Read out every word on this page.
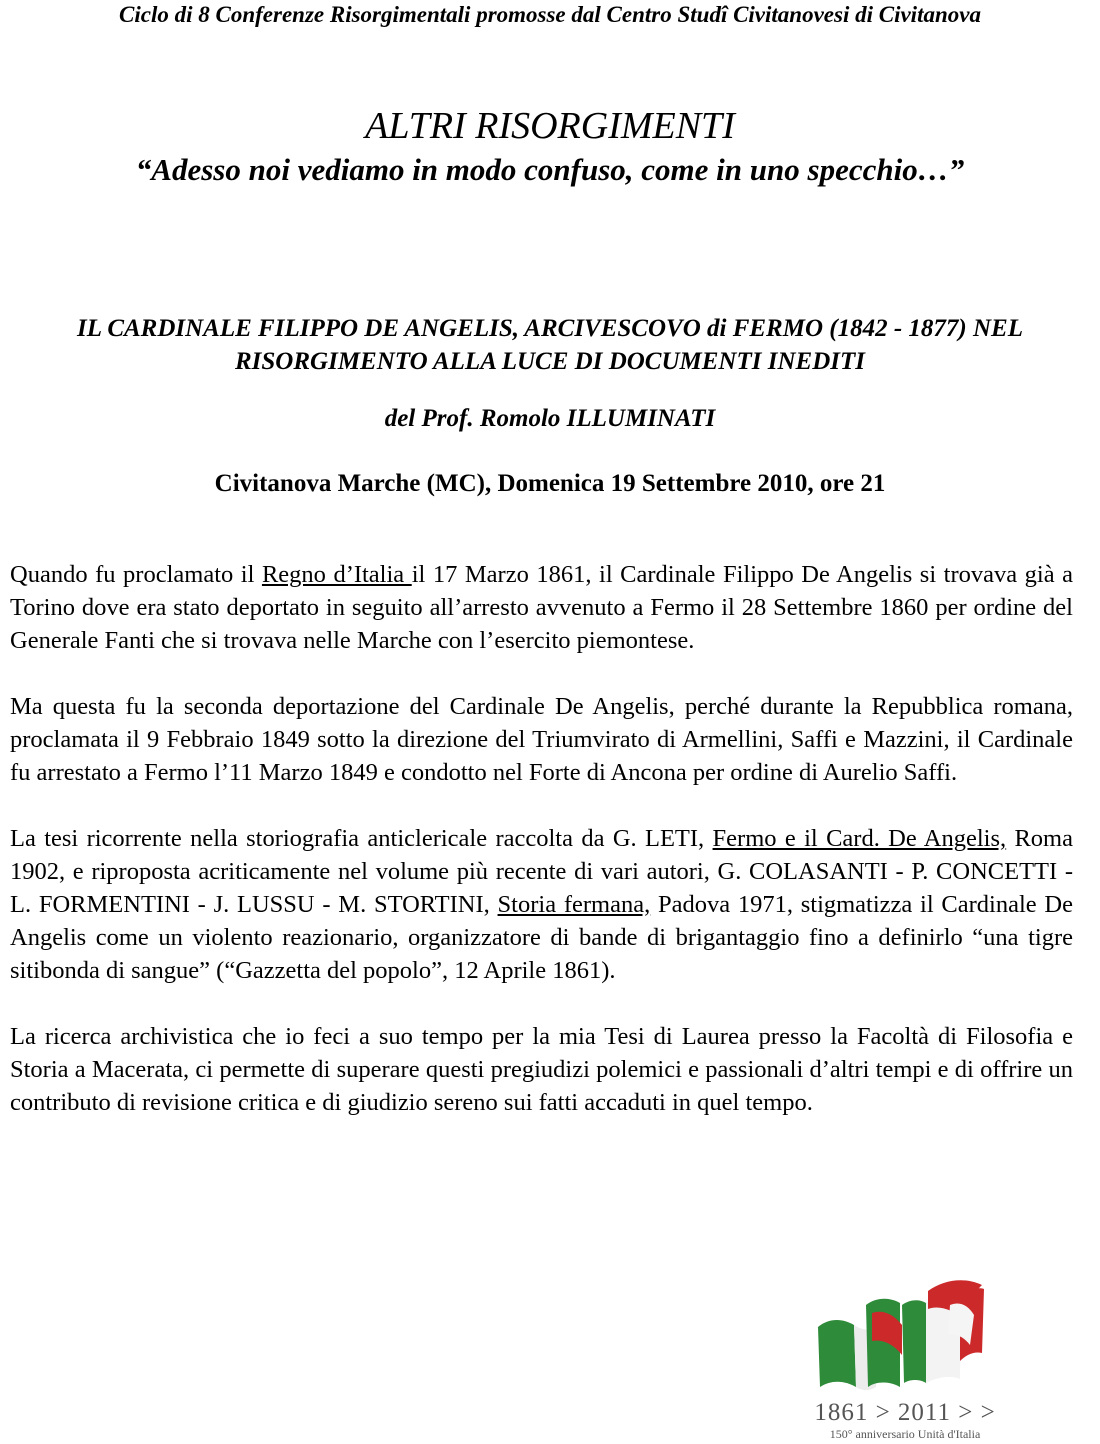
Ciclo di 8 Conferenze Risorgimentali promosse dal Centro Studî Civitanovesi di Civitanova
ALTRI RISORGIMENTI
“Adesso noi vediamo in modo confuso, come in uno specchio…”
IL CARDINALE FILIPPO DE ANGELIS, ARCIVESCOVO di FERMO (1842 - 1877) NEL
RISORGIMENTO ALLA LUCE DI DOCUMENTI INEDITI
del Prof. Romolo ILLUMINATI
Civitanova Marche (MC), Domenica 19 Settembre 2010, ore 21

Quando fu proclamato il Regno d’Italia il 17 Marzo 1861, il Cardinale Filippo De Angelis si trovava già a Torino dove era stato deportato in seguito all’arresto avvenuto a Fermo il 28 Settembre 1860 per ordine del Generale Fanti che si trovava nelle Marche con l’esercito piemontese.

Ma questa fu la seconda deportazione del Cardinale De Angelis, perché durante la Repubblica romana, proclamata il 9 Febbraio 1849 sotto la direzione del Triumvirato di Armellini, Saffi e Mazzini, il Cardinale fu arrestato a Fermo l’11 Marzo 1849 e condotto nel Forte di Ancona per ordine di Aurelio Saffi.

La tesi ricorrente nella storiografia anticlericale raccolta da G. LETI, Fermo e il Card. De Angelis, Roma 1902, e riproposta acriticamente nel volume più recente di vari autori, G. COLASANTI - P. CONCETTI - L. FORMENTINI - J. LUSSU - M. STORTINI, Storia fermana, Padova 1971, stigmatizza il Cardinale De Angelis come un violento reazionario, organizzatore di bande di brigantaggio fino a definirlo “una tigre sitibonda di sangue” (“Gazzetta del popolo”, 12 Aprile 1861).

La ricerca archivistica che io feci a suo tempo per la mia Tesi di Laurea presso la Facoltà di Filosofia e Storia a Macerata, ci permette di superare questi pregiudizi polemici e passionali d’altri tempi e di offrire un contributo di revisione critica e di giudizio sereno sui fatti accaduti in quel tempo.

1861 > 2011 > >
150° anniversario Unità d'Italia
